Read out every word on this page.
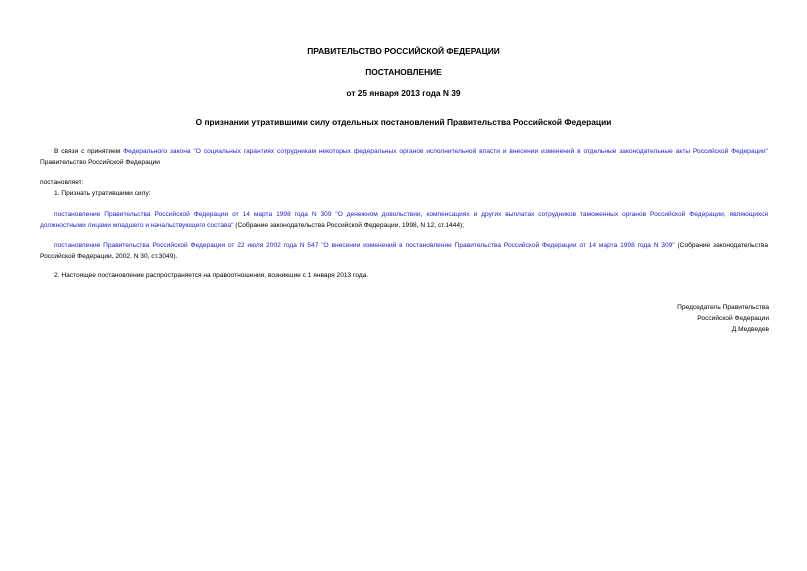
ПРАВИТЕЛЬСТВО РОССИЙСКОЙ ФЕДЕРАЦИИ
ПОСТАНОВЛЕНИЕ
от 25 января 2013 года N 39
О признании утратившими силу отдельных постановлений Правительства Российской Федерации
В связи с принятием Федерального закона "О социальных гарантиях сотрудникам некоторых федеральных органов исполнительной власти и внесении изменений в отдельные законодательные акты Российской Федерации" Правительство Российской Федерации
постановляет:
1. Признать утратившими силу:
постановление Правительства Российской Федерации от 14 марта 1998 года N 309 "О денежном довольствии, компенсациях и других выплатах сотрудников таможенных органов Российской Федерации, являющихся должностными лицами младшего и начальствующего состава" (Собрание законодательства Российской Федерации, 1998, N 12, ст.1444);
постановление Правительства Российской Федерации от 22 июля 2002 года N 547 "О внесении изменений в постановление Правительства Российской Федерации от 14 марта 1998 года N 309" (Собрание законодательства Российской Федерации, 2002, N 30, ст.3049).
2. Настоящее постановление распространяется на правоотношения, возникшие с 1 января 2013 года.
Председатель Правительства
Российской Федерации
Д.Медведев
